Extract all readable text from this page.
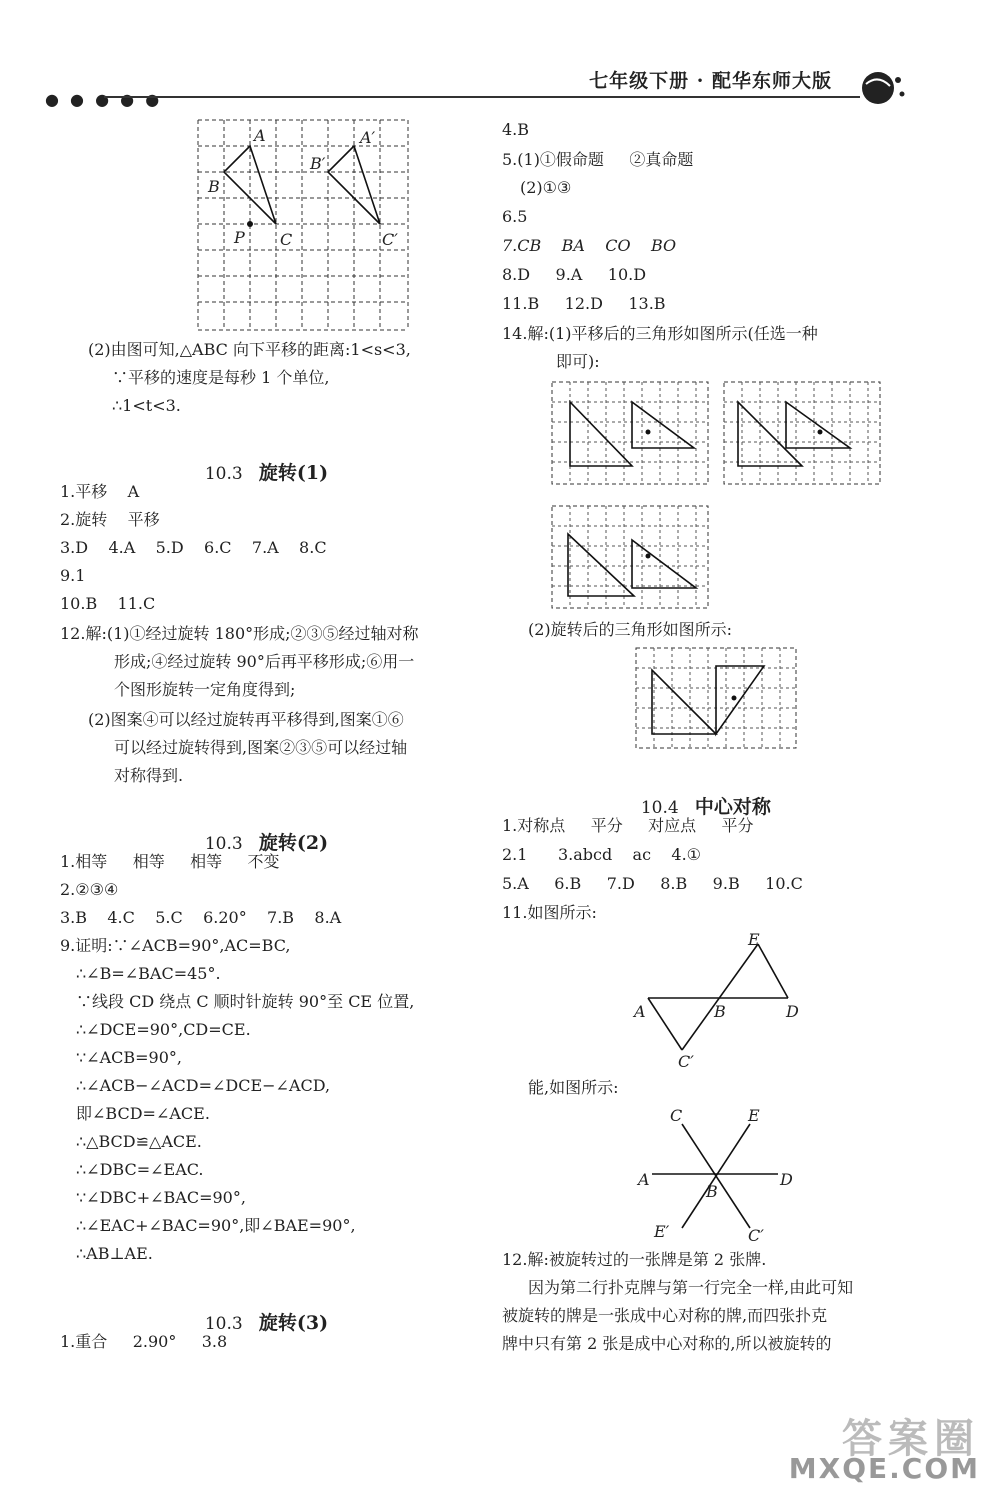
● ● ● ● ●
七年级下册 · 配华东师大版
A
B
C
P
A′
B′
C′
(2)由图可知,△ABC 向下平移的距离:1<s<3,
∵平移的速度是每秒 1 个单位,
∴1<t<3.

10.3 旋转(1)

1.平移    A
2.旋转    平移
3.D    4.A    5.D    6.C    7.A    8.C
9.1
10.B    11.C
12.解:(1)①经过旋转 180°形成;②③⑤经过轴对称
形成;④经过旋转 90°后再平移形成;⑥用一
个图形旋转一定角度得到;
(2)图案④可以经过旋转再平移得到,图案①⑥
可以经过旋转得到,图案②③⑤可以经过轴
对称得到.

10.3 旋转(2)

1.相等     相等     相等     不变
2.②③④
3.B    4.C    5.C    6.20°    7.B    8.A
9.证明:∵∠ACB=90°,AC=BC,
∴∠B=∠BAC=45°.
∵线段 CD 绕点 C 顺时针旋转 90°至 CE 位置,
∴∠DCE=90°,CD=CE.
∵∠ACB=90°,
∴∠ACB−∠ACD=∠DCE−∠ACD,
即∠BCD=∠ACE.
∴△BCD≌△ACE.
∴∠DBC=∠EAC.
∵∠DBC+∠BAC=90°,
∴∠EAC+∠BAC=90°,即∠BAE=90°,
∴AB⊥AE.

10.3 旋转(3)

1.重合     2.90°     3.8
4.B
5.(1)①假命题     ②真命题
(2)①③
6.5
7.CB    BA    CO    BO
8.D     9.A     10.D
11.B     12.D     13.B
14.解:(1)平移后的三角形如图所示(任选一种
即可):
(2)旋转后的三角形如图所示:

10.4 中心对称

1.对称点     平分     对应点     平分
2.1      3.abcd    ac    4.①
5.A     6.B     7.D     8.B     9.B     10.C
11.如图所示:
E
A	B	D
C′
能,如图所示:
C	E
A
B
D
E′	C′
12.解:被旋转过的一张牌是第 2 张牌.
因为第二行扑克牌与第一行完全一样,由此可知
被旋转的牌是一张成中心对称的牌,而四张扑克
牌中只有第 2 张是成中心对称的,所以被旋转的
答案圈
MXQE.COM
